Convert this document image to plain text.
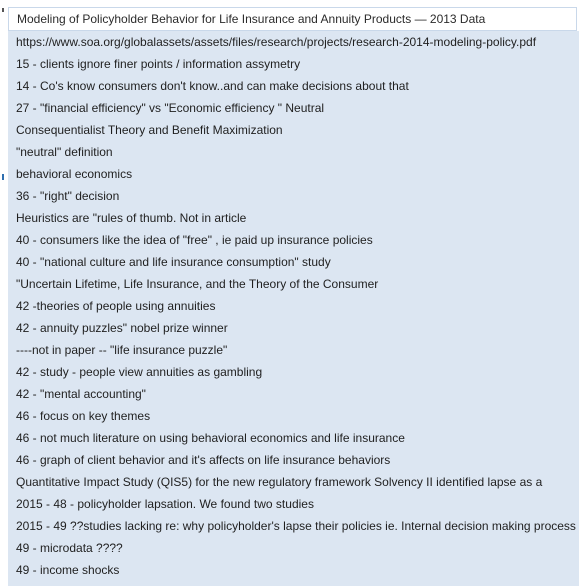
Modeling of Policyholder Behavior for Life Insurance and Annuity Products — 2013 Data
https://www.soa.org/globalassets/assets/files/research/projects/research-2014-modeling-policy.pdf
15 - clients ignore finer points / information assymetry
14 - Co's know consumers don't know..and can make decisions about that
27 - "financial efficiency" vs "Economic efficiency " Neutral
Consequentialist Theory and Benefit Maximization
"neutral" definition
behavioral economics
36 - "right" decision
Heuristics are "rules of thumb. Not in article
40 - consumers like the idea of "free" , ie paid up insurance policies
40 - "national culture and life insurance consumption" study
"Uncertain Lifetime, Life Insurance, and the Theory of the Consumer
42 -theories of people using annuities
42 - annuity puzzles" nobel prize winner
----not in paper -- "life insurance puzzle"
42 - study - people view annuities as gambling
42 - "mental accounting"
46 - focus on key themes
46 - not much literature on using behavioral economics and life insurance
46 - graph of client behavior and it's affects on life insurance behaviors
Quantitative Impact Study (QIS5) for the new regulatory framework Solvency II identified lapse as a
2015 - 48 - policyholder lapsation. We found two studies
2015 - 49 ??studies lacking re: why policyholder's lapse their policies ie. Internal decision making process
49 - microdata ????
49 - income shocks
